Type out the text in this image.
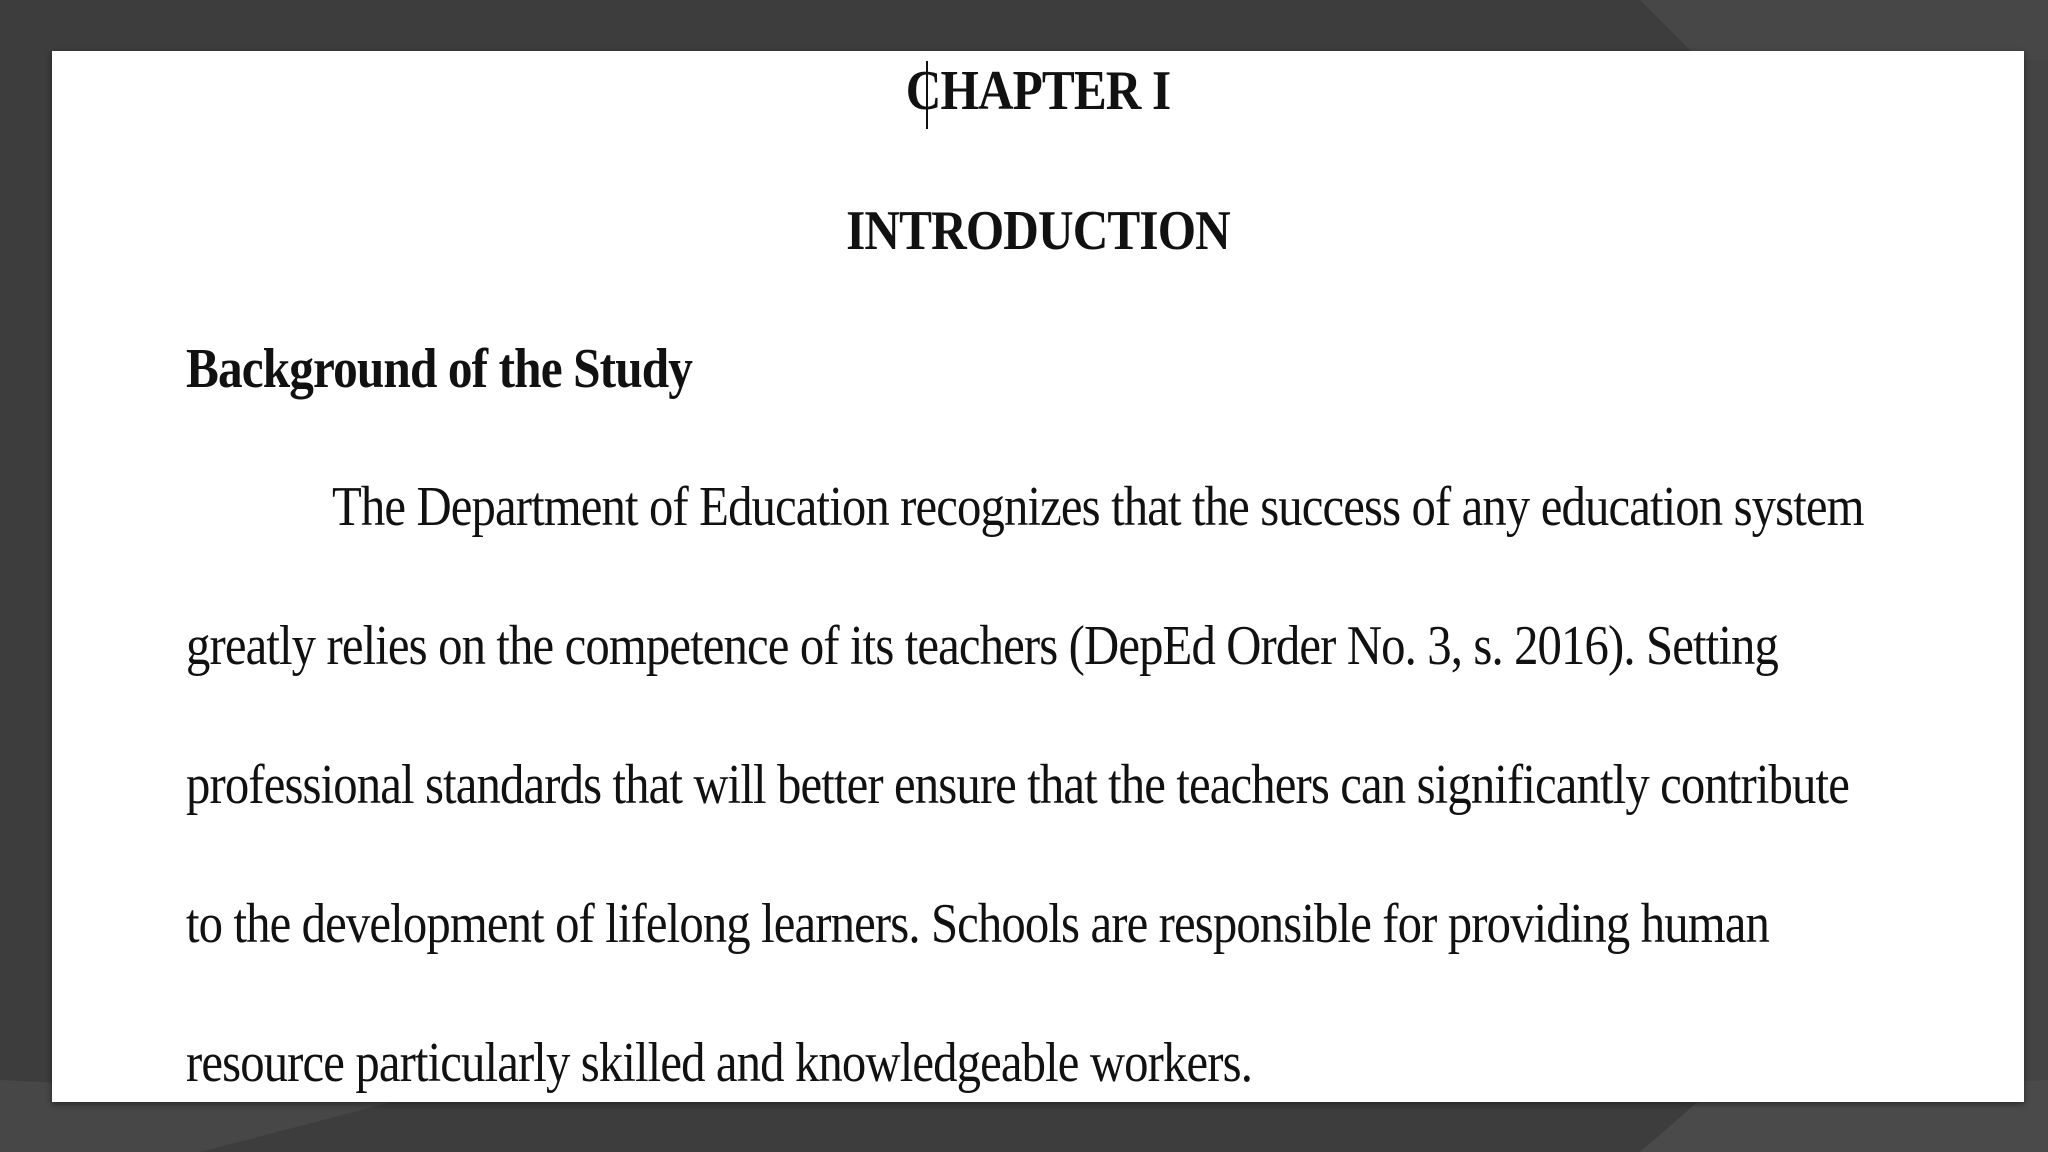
CHAPTER I
INTRODUCTION
Background of the Study
The Department of Education recognizes that the success of any education system
greatly relies on the competence of its teachers (DepEd Order No. 3, s. 2016). Setting
professional standards that will better ensure that the teachers can significantly contribute
to the development of lifelong learners. Schools are responsible for providing human
resource particularly skilled and knowledgeable workers.
